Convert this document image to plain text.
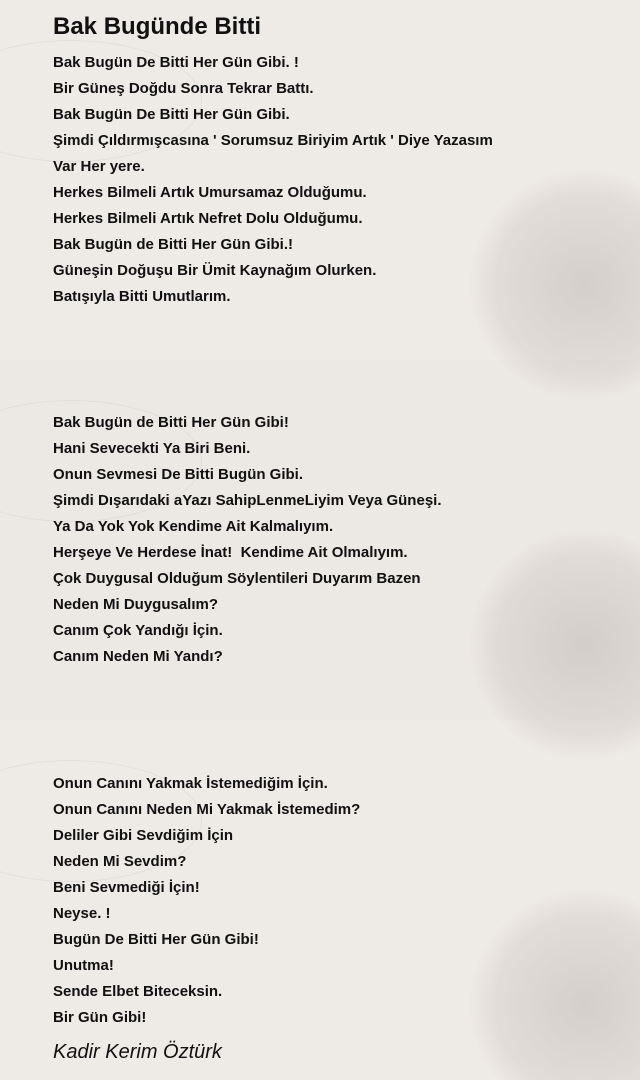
Bak Bugünde Bitti
Bak Bugün De Bitti Her Gün Gibi. !
Bir Güneş Doğdu Sonra Tekrar Battı.
Bak Bugün De Bitti Her Gün Gibi.
Şimdi Çıldırmışcasına ' Sorumsuz Biriyim Artık ' Diye Yazasım
Var Her yere.
Herkes Bilmeli Artık Umursamaz Olduğumu.
Herkes Bilmeli Artık Nefret Dolu Olduğumu.
Bak Bugün de Bitti Her Gün Gibi.!
Güneşin Doğuşu Bir Ümit Kaynağım Olurken.
Batışıyla Bitti Umutlarım.
Bak Bugün de Bitti Her Gün Gibi!
Hani Sevecekti Ya Biri Beni.
Onun Sevmesi De Bitti Bugün Gibi.
Şimdi Dışarıdaki aYazı SahipLenmeLiyim Veya Güneşi.
Ya Da Yok Yok Kendime Ait Kalmalıyım.
Herşeye Ve Herdese İnat!  Kendime Ait Olmalıyım.
Çok Duygusal Olduğum Söylentileri Duyarım Bazen
Neden Mi Duygusalım?
Canım Çok Yandığı İçin.
Canım Neden Mi Yandı?
Onun Canını Yakmak İstemediğim İçin.
Onun Canını Neden Mi Yakmak İstemedim?
Deliler Gibi Sevdiğim İçin
Neden Mi Sevdim?
Beni Sevmediği İçin!
Neyse. !
Bugün De Bitti Her Gün Gibi!
Unutma!
Sende Elbet Biteceksin.
Bir Gün Gibi!
Kadir Kerim Öztürk
